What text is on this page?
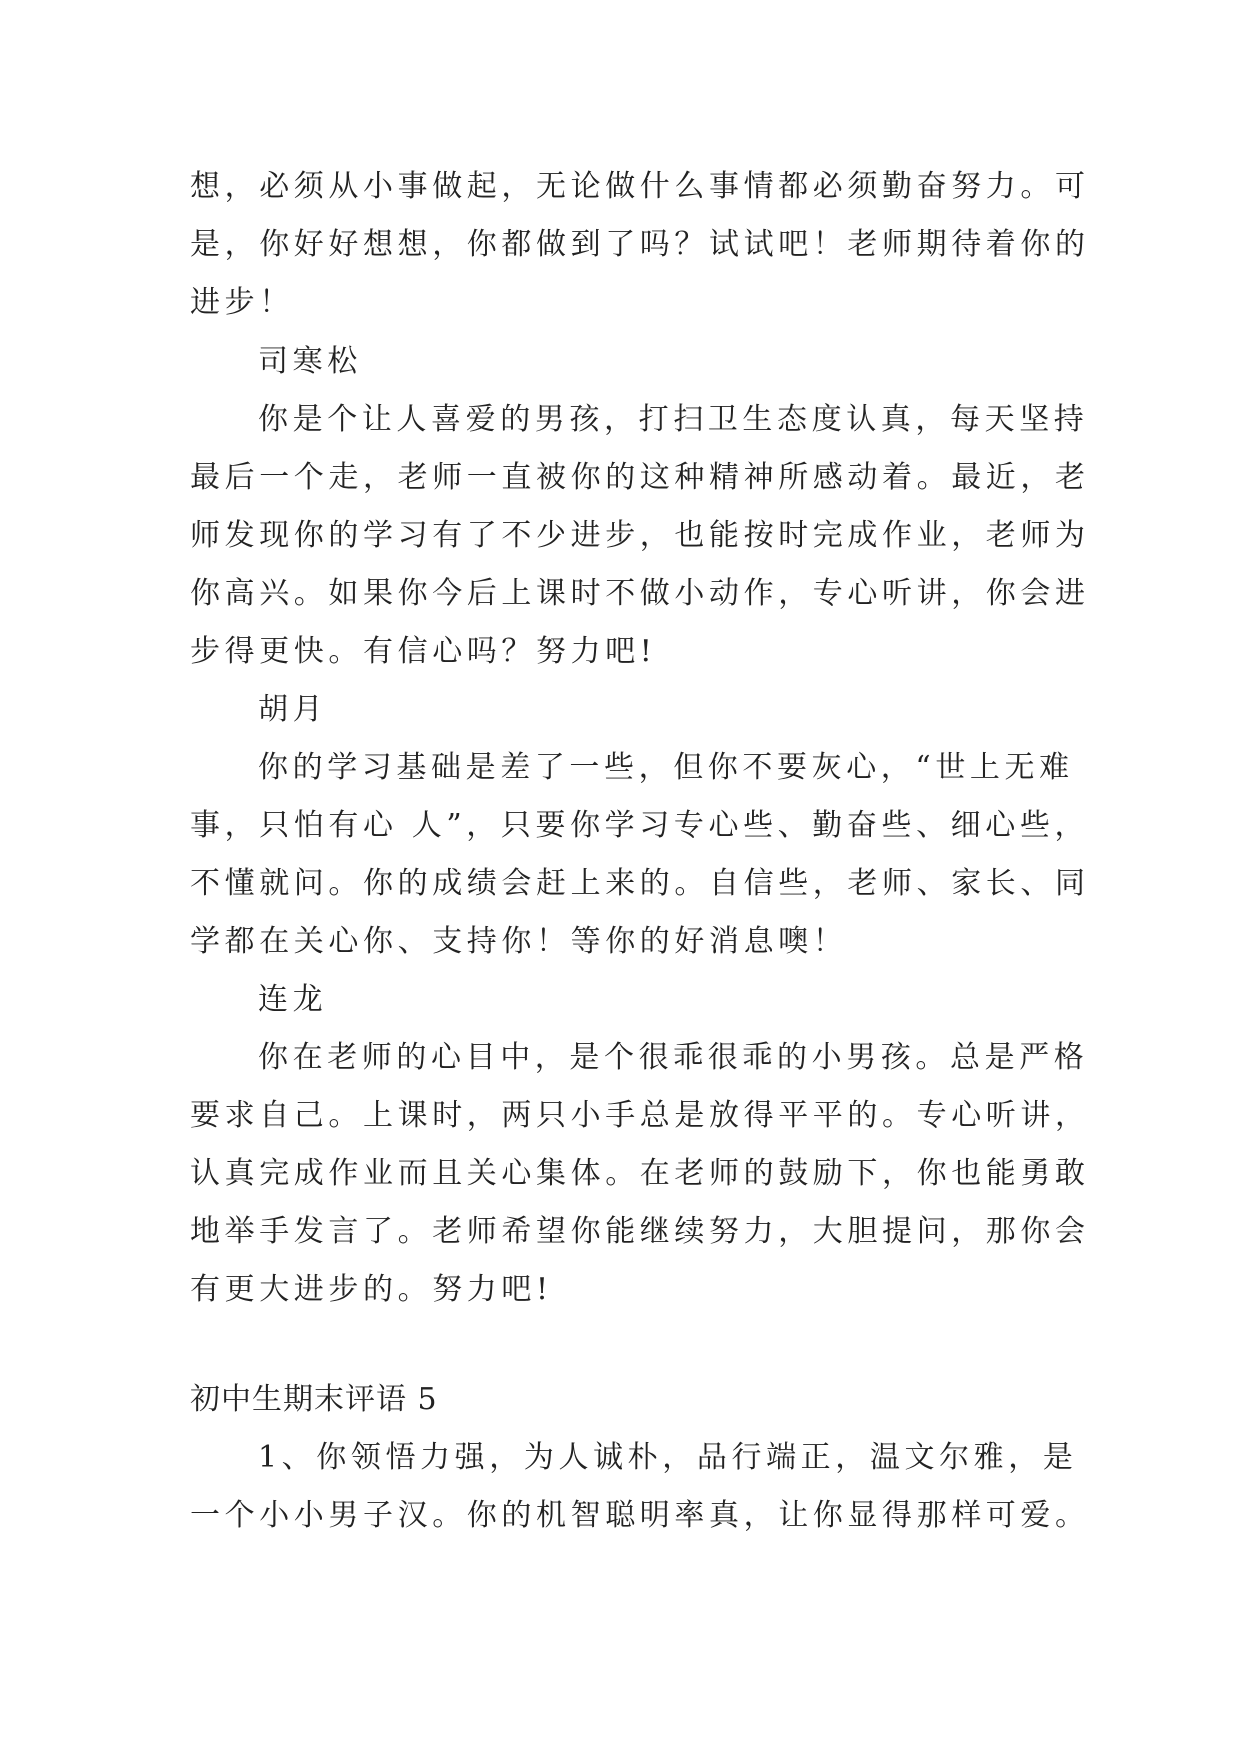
想，必须从小事做起，无论做什么事情都必须勤奋努力。可
是，你好好想想，你都做到了吗？试试吧！老师期待着你的
进步！
司寒松
你是个让人喜爱的男孩，打扫卫生态度认真，每天坚持
最后一个走，老师一直被你的这种精神所感动着。最近，老
师发现你的学习有了不少进步，也能按时完成作业，老师为
你高兴。如果你今后上课时不做小动作，专心听讲，你会进
步得更快。有信心吗？努力吧!
胡月
你的学习基础是差了一些，但你不要灰心，“世上无难
事，只怕有心 人”，只要你学习专心些、勤奋些、细心些，
不懂就问。你的成绩会赶上来的。自信些，老师、家长、同
学都在关心你、支持你！等你的好消息噢！
连龙
你在老师的心目中，是个很乖很乖的小男孩。总是严格
要求自己。上课时，两只小手总是放得平平的。专心听讲，
认真完成作业而且关心集体。在老师的鼓励下，你也能勇敢
地举手发言了。老师希望你能继续努力，大胆提问，那你会
有更大进步的。努力吧!
初中生期末评语 5
1、你领悟力强，为人诚朴，品行端正，温文尔雅，是
一个小小男子汉。你的机智聪明率真，让你显得那样可爱。
